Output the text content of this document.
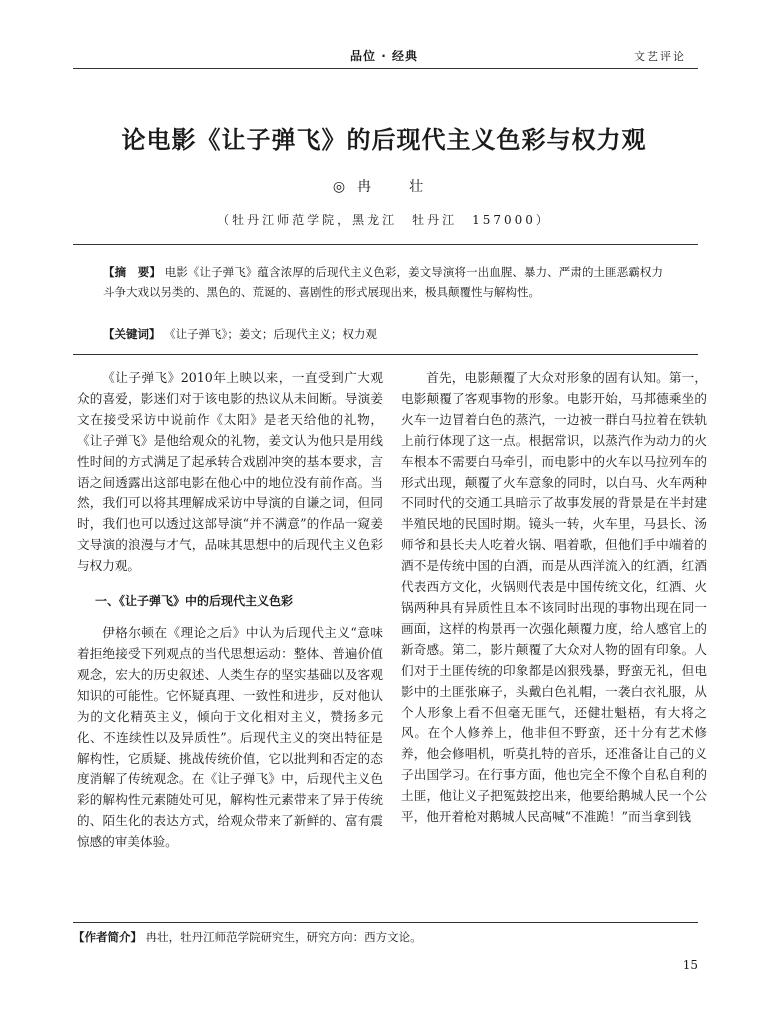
品位 · 经典	文艺评论
论电影《让子弹飞》的后现代主义色彩与权力观
◎冉　壮
（牡丹江师范学院，黑龙江　牡丹江　157000）
【摘　要】 电影《让子弹飞》蕴含浓厚的后现代主义色彩，姜文导演将一出血腥、暴力、严肃的土匪恶霸权力斗争大戏以另类的、黑色的、荒诞的、喜剧性的形式展现出来，极具颠覆性与解构性。
【关键词】 《让子弹飞》；姜文；后现代主义；权力观

《让子弹飞》2010年上映以来，一直受到广大观众的喜爱，影迷们对于该电影的热议从未间断。导演姜文在接受采访中说前作《太阳》是老天给他的礼物，《让子弹飞》是他给观众的礼物，姜文认为他只是用线性时间的方式满足了起承转合戏剧冲突的基本要求，言语之间透露出这部电影在他心中的地位没有前作高。当然，我们可以将其理解成采访中导演的自谦之词，但同时，我们也可以透过这部导演“并不满意”的作品一窥姜文导演的浪漫与才气，品味其思想中的后现代主义色彩与权力观。

一、《让子弹飞》中的后现代主义色彩

伊格尔顿在《理论之后》中认为后现代主义“意味着拒绝接受下列观点的当代思想运动：整体、普遍价值观念，宏大的历史叙述、人类生存的坚实基础以及客观知识的可能性。它怀疑真理、一致性和进步，反对他认为的文化精英主义，倾向于文化相对主义，赞扬多元化、不连续性以及异质性”。后现代主义的突出特征是解构性，它质疑、挑战传统价值，它以批判和否定的态度消解了传统观念。在《让子弹飞》中，后现代主义色彩的解构性元素随处可见，解构性元素带来了异于传统的、陌生化的表达方式，给观众带来了新鲜的、富有震惊感的审美体验。

首先，电影颠覆了大众对形象的固有认知。第一，电影颠覆了客观事物的形象。电影开始，马邦德乘坐的火车一边冒着白色的蒸汽，一边被一群白马拉着在铁轨上前行体现了这一点。根据常识，以蒸汽作为动力的火车根本不需要白马牵引，而电影中的火车以马拉列车的形式出现，颠覆了火车意象的同时，以白马、火车两种不同时代的交通工具暗示了故事发展的背景是在半封建半殖民地的民国时期。镜头一转，火车里，马县长、汤师爷和县长夫人吃着火锅、唱着歌，但他们手中端着的酒不是传统中国的白酒，而是从西洋流入的红酒，红酒代表西方文化，火锅则代表是中国传统文化，红酒、火锅两种具有异质性且本不该同时出现的事物出现在同一画面，这样的构景再一次强化颠覆力度，给人感官上的新奇感。第二，影片颠覆了大众对人物的固有印象。人们对于土匪传统的印象都是凶狠残暴，野蛮无礼，但电影中的土匪张麻子，头戴白色礼帽，一袭白衣礼服，从个人形象上看不但毫无匪气，还健壮魁梧，有大将之风。在个人修养上，他非但不野蛮，还十分有艺术修养，他会修唱机，听莫扎特的音乐，还准备让自己的义子出国学习。在行事方面，他也完全不像个自私自利的土匪，他让义子把冤鼓挖出来，他要给鹅城人民一个公平，他开着枪对鹅城人民高喊“不准跪！”而当拿到钱

【作者简介】 冉壮，牡丹江师范学院研究生，研究方向：西方文论。
15
